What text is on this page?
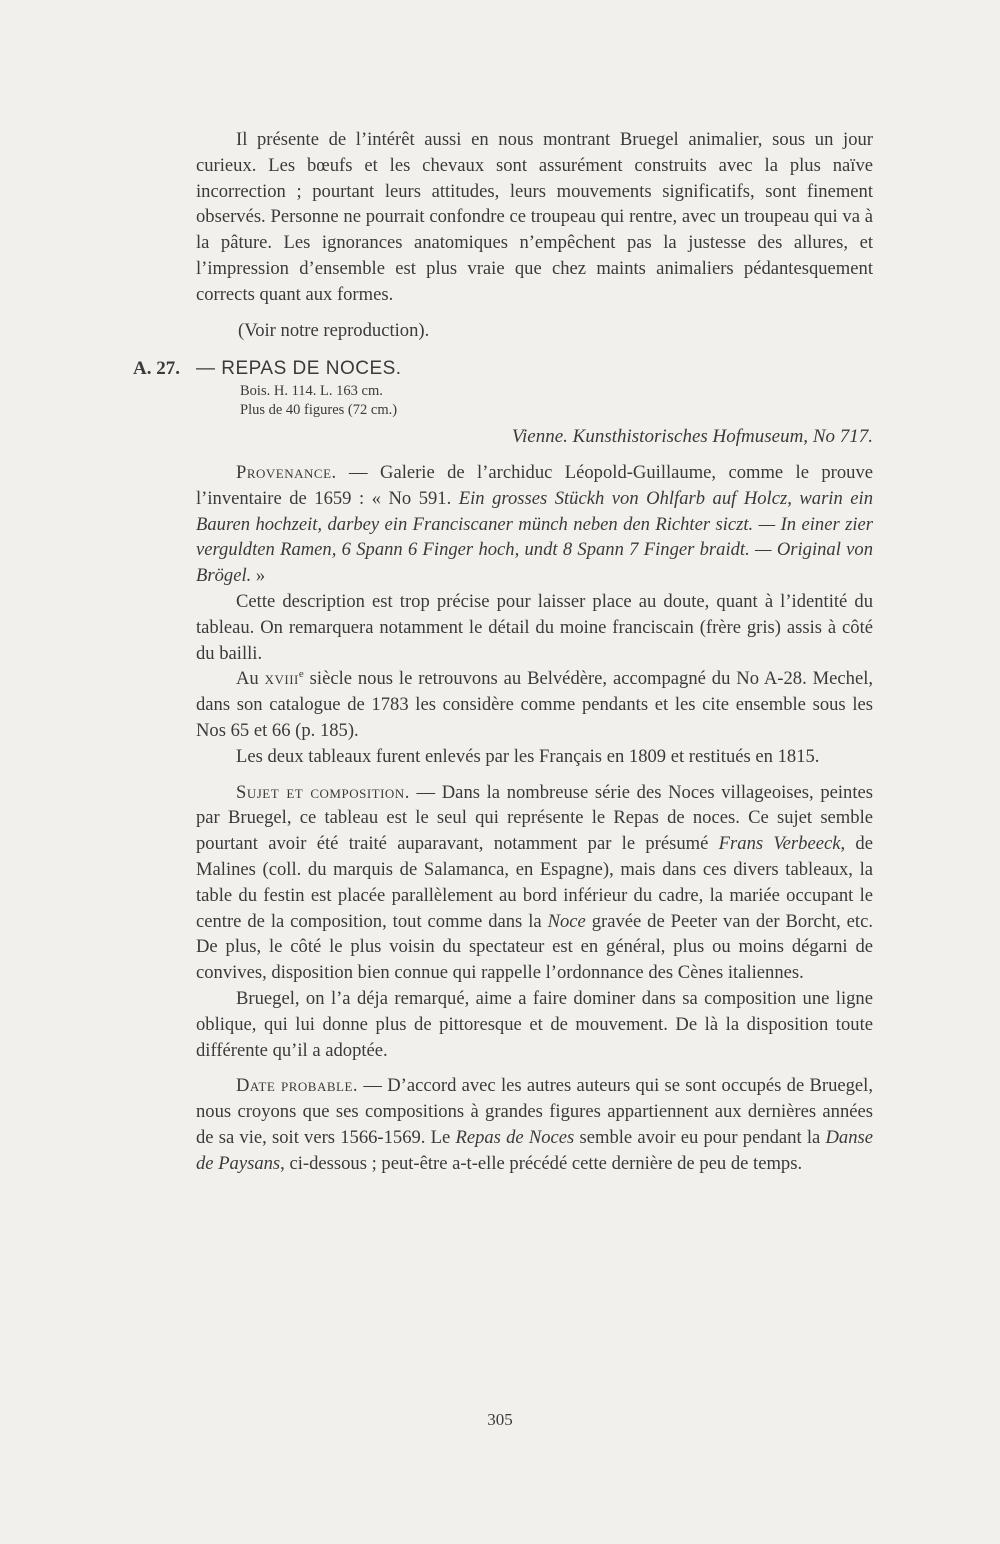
Il présente de l’intérêt aussi en nous montrant Bruegel animalier, sous un jour curieux. Les bœufs et les chevaux sont assurément construits avec la plus naïve incorrection ; pourtant leurs attitudes, leurs mouvements significatifs, sont finement observés. Personne ne pourrait confondre ce troupeau qui rentre, avec un troupeau qui va à la pâture. Les ignorances anatomiques n’empêchent pas la justesse des allures, et l’impression d’ensemble est plus vraie que chez maints animaliers pédantesquement corrects quant aux formes.

(Voir notre reproduction).

A. 27. — REPAS DE NOCES.
Bois. H. 114. L. 163 cm.
Plus de 40 figures (72 cm.)
Vienne. Kunsthistorisches Hofmuseum, No 717.

Provenance. — Galerie de l’archiduc Léopold-Guillaume, comme le prouve l’inventaire de 1659 : « No 591. Ein grosses Stückh von Ohlfarb auf Holcz, warin ein Bauren hochzeit, darbey ein Franciscaner münch neben den Richter siczt. — In einer zier verguldten Ramen, 6 Spann 6 Finger hoch, undt 8 Spann 7 Finger braidt. — Original von Brögel. »

Cette description est trop précise pour laisser place au doute, quant à l’identité du tableau. On remarquera notamment le détail du moine franciscain (frère gris) assis à côté du bailli.

Au xviii$^e$ siècle nous le retrouvons au Belvédère, accompagné du No A-28. Mechel, dans son catalogue de 1783 les considère comme pendants et les cite ensemble sous les Nos 65 et 66 (p. 185).

Les deux tableaux furent enlevés par les Français en 1809 et restitués en 1815.

Sujet et composition. — Dans la nombreuse série des Noces villageoises, peintes par Bruegel, ce tableau est le seul qui représente le Repas de noces. Ce sujet semble pourtant avoir été traité auparavant, notamment par le présumé Frans Verbeeck, de Malines (coll. du marquis de Salamanca, en Espagne), mais dans ces divers tableaux, la table du festin est placée parallèlement au bord inférieur du cadre, la mariée occupant le centre de la composition, tout comme dans la Noce gravée de Peeter van der Borcht, etc. De plus, le côté le plus voisin du spectateur est en général, plus ou moins dégarni de convives, disposition bien connue qui rappelle l’ordonnance des Cènes italiennes.

Bruegel, on l’a déja remarqué, aime a faire dominer dans sa composition une ligne oblique, qui lui donne plus de pittoresque et de mouvement. De là la disposition toute différente qu’il a adoptée.

Date probable. — D’accord avec les autres auteurs qui se sont occupés de Bruegel, nous croyons que ses compositions à grandes figures appartiennent aux dernières années de sa vie, soit vers 1566-1569. Le Repas de Noces semble avoir eu pour pendant la Danse de Paysans, ci-dessous ; peut-être a-t-elle précédé cette dernière de peu de temps.

305
